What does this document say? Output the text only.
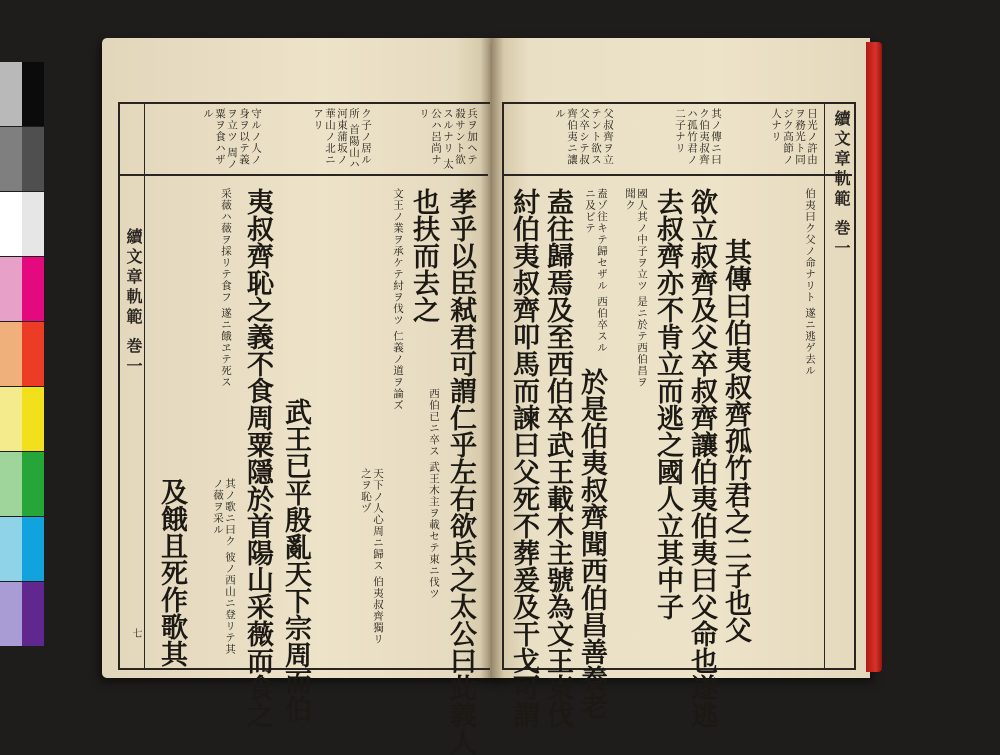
續文章軌範 巻一
七
續文章軌範 巻一
兵ヲ加ヘテ殺サント欲スルナリ 太公ハ呂尚ナリ
ク子ノ居ル所 首陽山ハ河東蒲坂ノ華山ノ北ニアリ
守ルノ人ノ身ヲ以テ義ヲ立ツ 周ノ粟ヲ食ハザル
孝乎以臣弒君可謂仁乎左右欲兵之太公曰此義人
也扶而去之
西伯已ニ卒ス 武王木主ヲ載セテ東ニ伐ツ
文王ノ業ヲ承ケテ紂ヲ伐ツ 仁義ノ道ヲ論ズ
天下ノ人心周ニ歸ス 伯夷叔齊獨リ之ヲ恥ヅ
武王已平殷亂天下宗周而伯
夷叔齊恥之義不食周粟隱於首陽山采薇而食之
采薇ハ薇ヲ採リテ食フ 遂ニ餓ヱテ死ス
其ノ歌ニ曰ク 彼ノ西山ニ登リテ其ノ薇ヲ采ル
及餓且死作歌其
日光ノ許由ヲ務光ト同ジク高節ノ人ナリ
其ノ傳ニ曰ク伯夷叔齊ハ孤竹君ノ二子ナリ
父叔齊ヲ立テント欲ス 父卒シテ叔齊伯夷ニ讓ル
伯夷曰ク父ノ命ナリト 遂ニ逃ゲ去ル
其傳曰伯夷叔齊孤竹君之二子也父
欲立叔齊及父卒叔齊讓伯夷伯夷曰父命也遂逃
去叔齊亦不肯立而逃之國人立其中子
國人其ノ中子ヲ立ツ 是ニ於テ西伯昌ヲ聞ク
於是伯夷叔齊聞西伯昌善養老
盍往歸焉及至西伯卒武王載木主號為文王東伐
紂伯夷叔齊叩馬而諫曰父死不葬爰及干戈可謂	盍ゾ往キテ歸セザル 西伯卒スルニ及ビテ
